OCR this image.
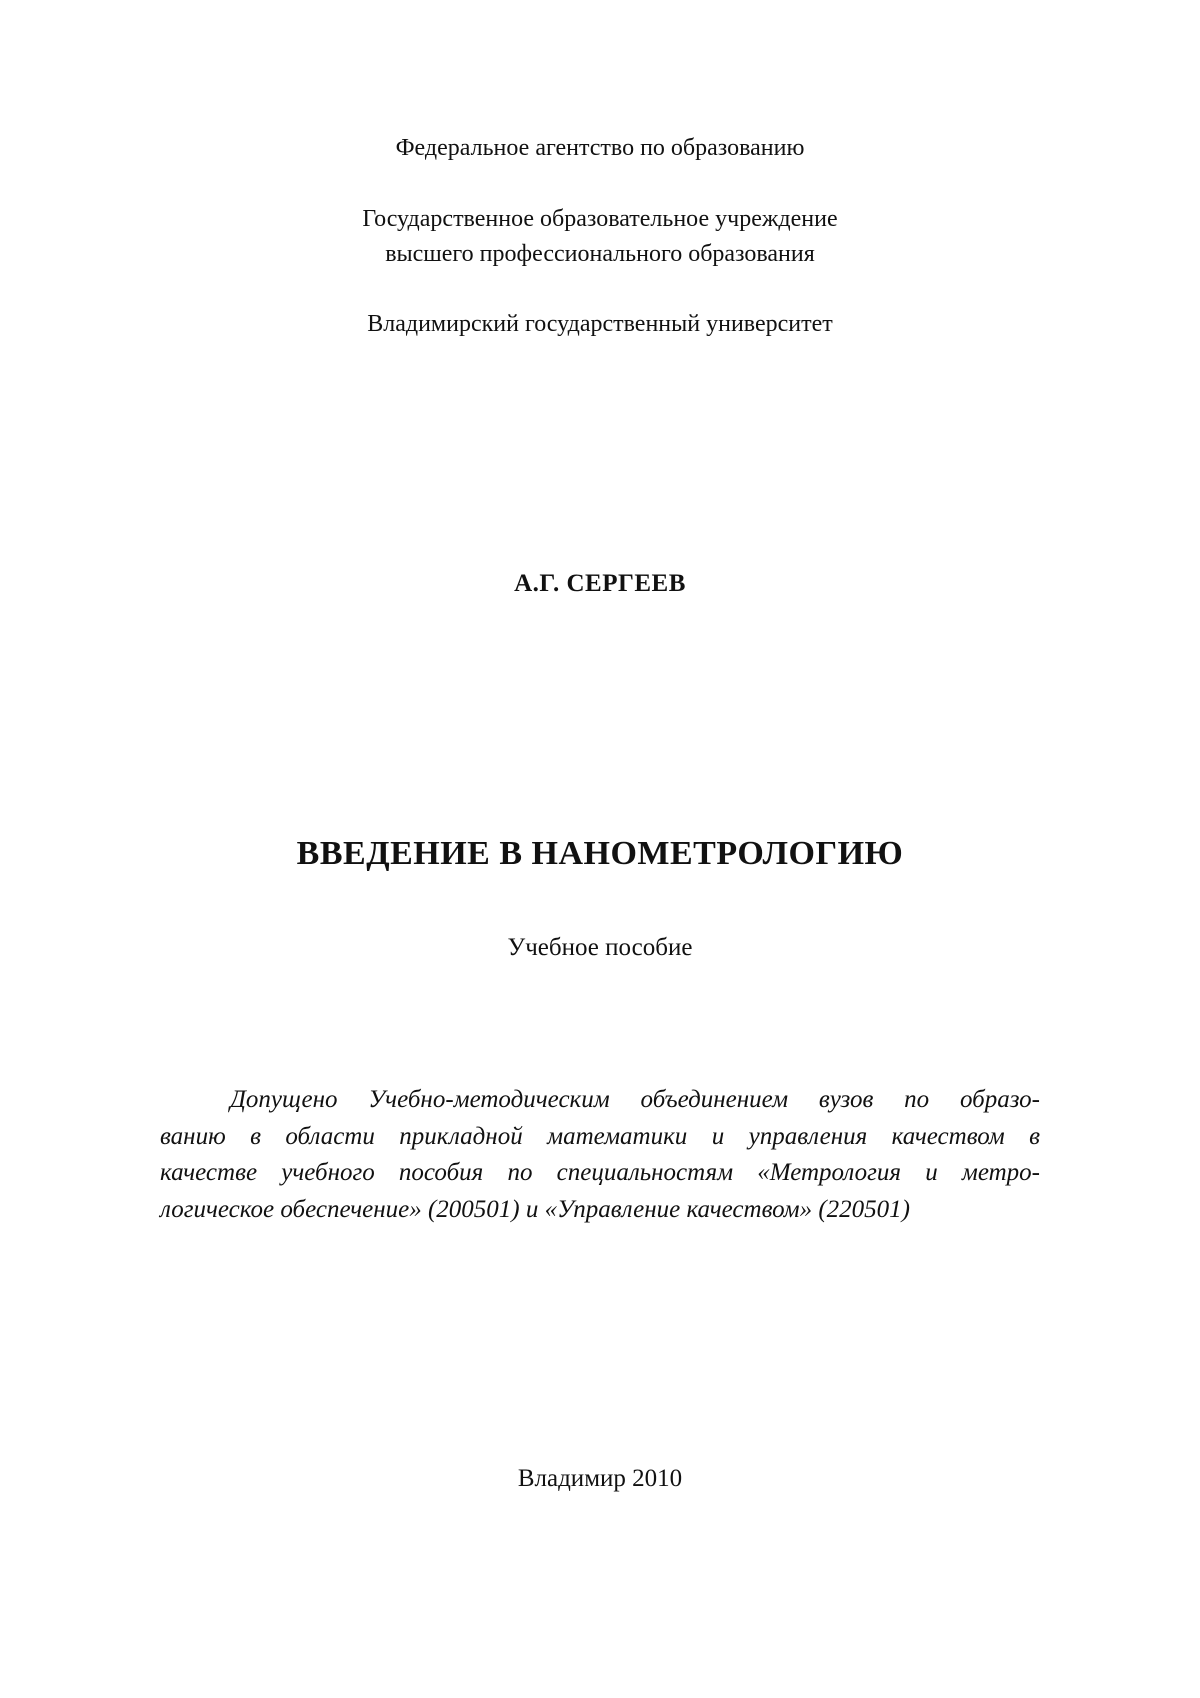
Федеральное агентство по образованию
Государственное образовательное учреждение
высшего профессионального образования
Владимирский государственный университет
А.Г. СЕРГЕЕВ
ВВЕДЕНИЕ В НАНОМЕТРОЛОГИЮ
Учебное пособие
Допущено Учебно-методическим объединением вузов по образо-
ванию в области прикладной математики и управления качеством в
качестве учебного пособия по специальностям «Метрология и метро-
логическое обеспечение» (200501) и «Управление качеством» (220501)
Владимир 2010
